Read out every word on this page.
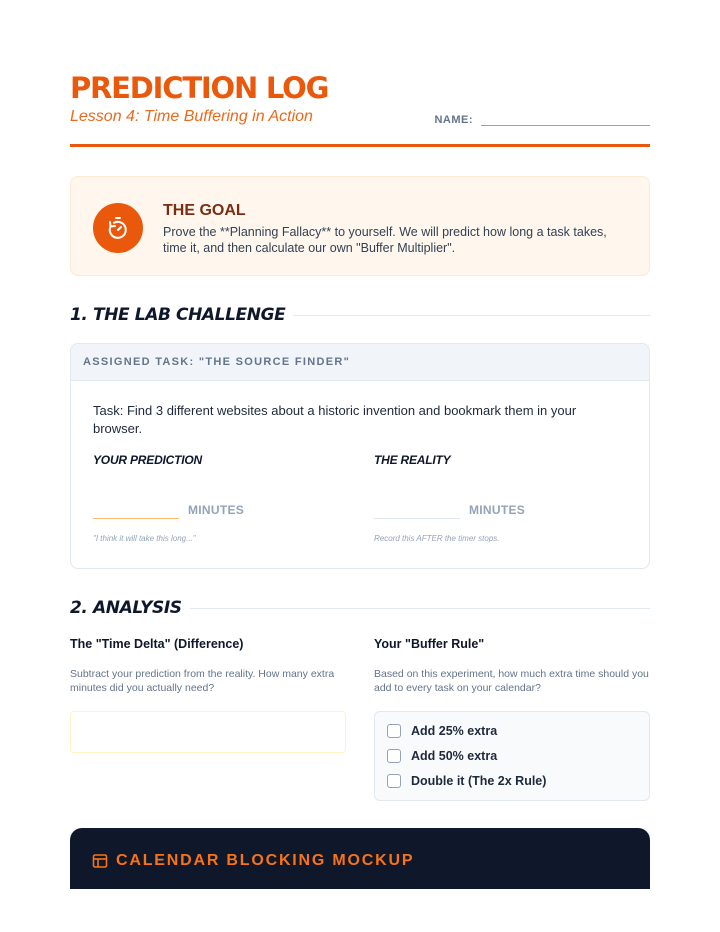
PREDICTION LOG
Lesson 4: Time Buffering in Action	NAME:
THE GOAL
Prove the **Planning Fallacy** to yourself. We will predict how long a task takes, time it, and then calculate our own "Buffer Multiplier".
1. THE LAB CHALLENGE
ASSIGNED TASK: "THE SOURCE FINDER"
Task: Find 3 different websites about a historic invention and bookmark them in your browser.
YOUR PREDICTION
MINUTES
"I think it will take this long..."
THE REALITY
MINUTES
Record this AFTER the timer stops.
2. ANALYSIS
The "Time Delta" (Difference)
Subtract your prediction from the reality. How many extra minutes did you actually need?
Your "Buffer Rule"
Based on this experiment, how much extra time should you add to every task on your calendar?
Add 25% extra
Add 50% extra
Double it (The 2x Rule)
CALENDAR BLOCKING MOCKUP
